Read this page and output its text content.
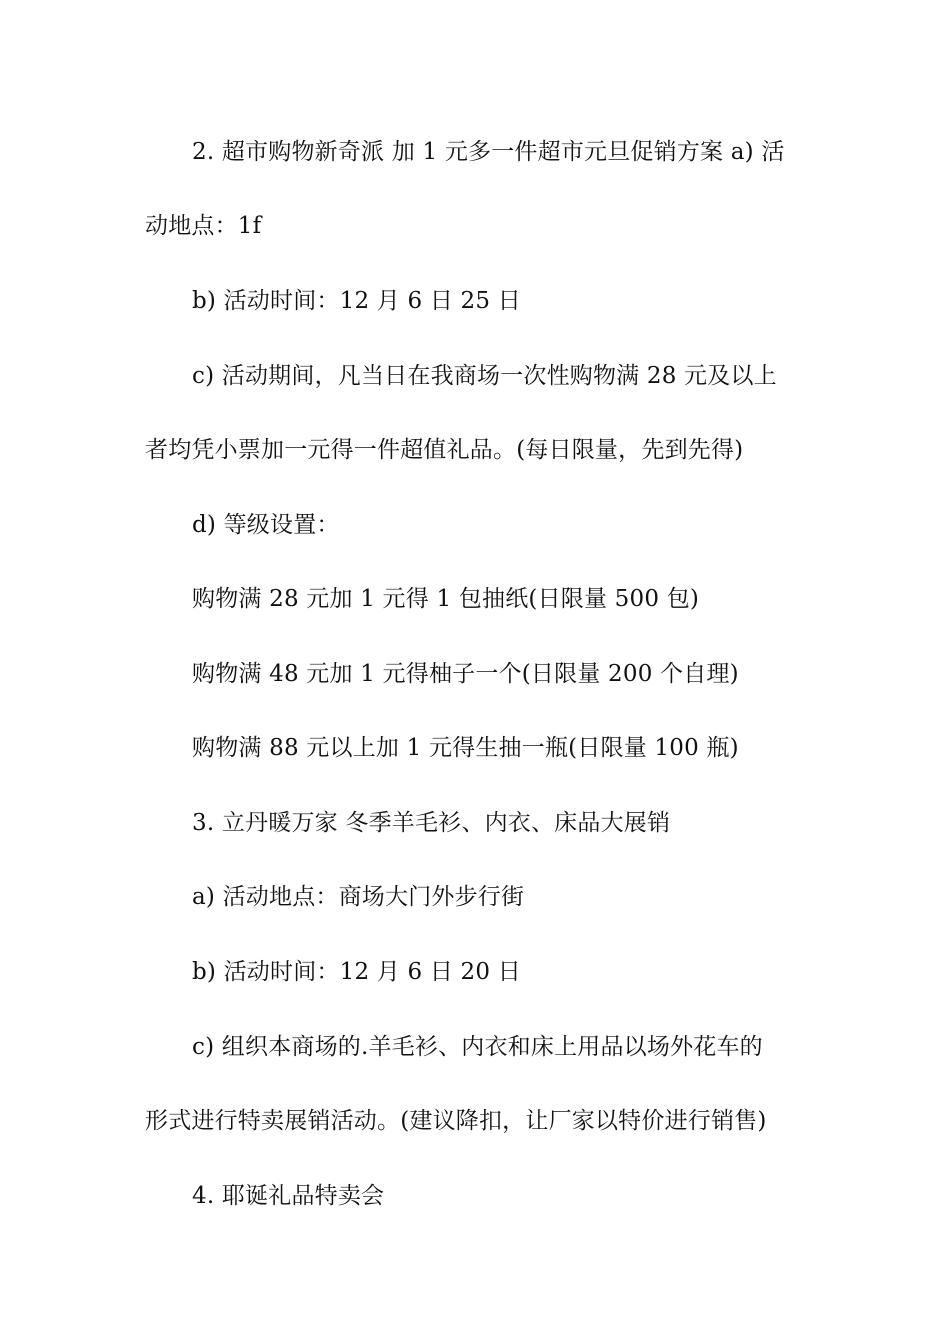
2. 超市购物新奇派 加 1 元多一件超市元旦促销方案 a) 活
动地点：1f
b) 活动时间：12 月 6 日 25 日
c) 活动期间，凡当日在我商场一次性购物满 28 元及以上
者均凭小票加一元得一件超值礼品。(每日限量，先到先得)
d) 等级设置：
购物满 28 元加 1 元得 1 包抽纸(日限量 500 包)
购物满 48 元加 1 元得柚子一个(日限量 200 个自理)
购物满 88 元以上加 1 元得生抽一瓶(日限量 100 瓶)
3. 立丹暖万家 冬季羊毛衫、内衣、床品大展销
a) 活动地点：商场大门外步行街
b) 活动时间：12 月 6 日 20 日
c) 组织本商场的.羊毛衫、内衣和床上用品以场外花车的
形式进行特卖展销活动。(建议降扣，让厂家以特价进行销售)
4. 耶诞礼品特卖会
